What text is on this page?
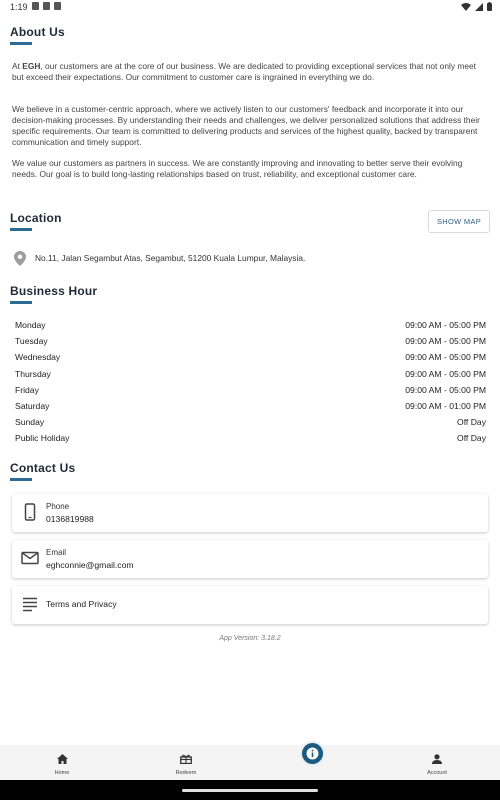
1:19
About Us
At EGH, our customers are at the core of our business. We are dedicated to providing exceptional services that not only meet but exceed their expectations. Our commitment to customer care is ingrained in everything we do.
We believe in a customer-centric approach, where we actively listen to our customers' feedback and incorporate it into our decision-making processes. By understanding their needs and challenges, we deliver personalized solutions that address their specific requirements. Our team is committed to delivering products and services of the highest quality, backed by transparent communication and timely support.
We value our customers as partners in success. We are constantly improving and innovating to better serve their evolving needs. Our goal is to build long-lasting relationships based on trust, reliability, and exceptional customer care.
Location	SHOW MAP
No.11, Jalan Segambut Atas, Segambut, 51200 Kuala Lumpur, Malaysia.
Business Hour
Monday	09:00 AM - 05:00 PM
Tuesday	09:00 AM - 05:00 PM
Wednesday	09:00 AM - 05:00 PM
Thursday	09:00 AM - 05:00 PM
Friday	09:00 AM - 05:00 PM
Saturday	09:00 AM - 01:00 PM
Sunday	Off Day
Public Holiday	Off Day
Contact Us
Phone
0136819988
Email
eghconnie@gmail.com
Terms and Privacy
App Version: 3.18.2
Home	Redeem	Account
